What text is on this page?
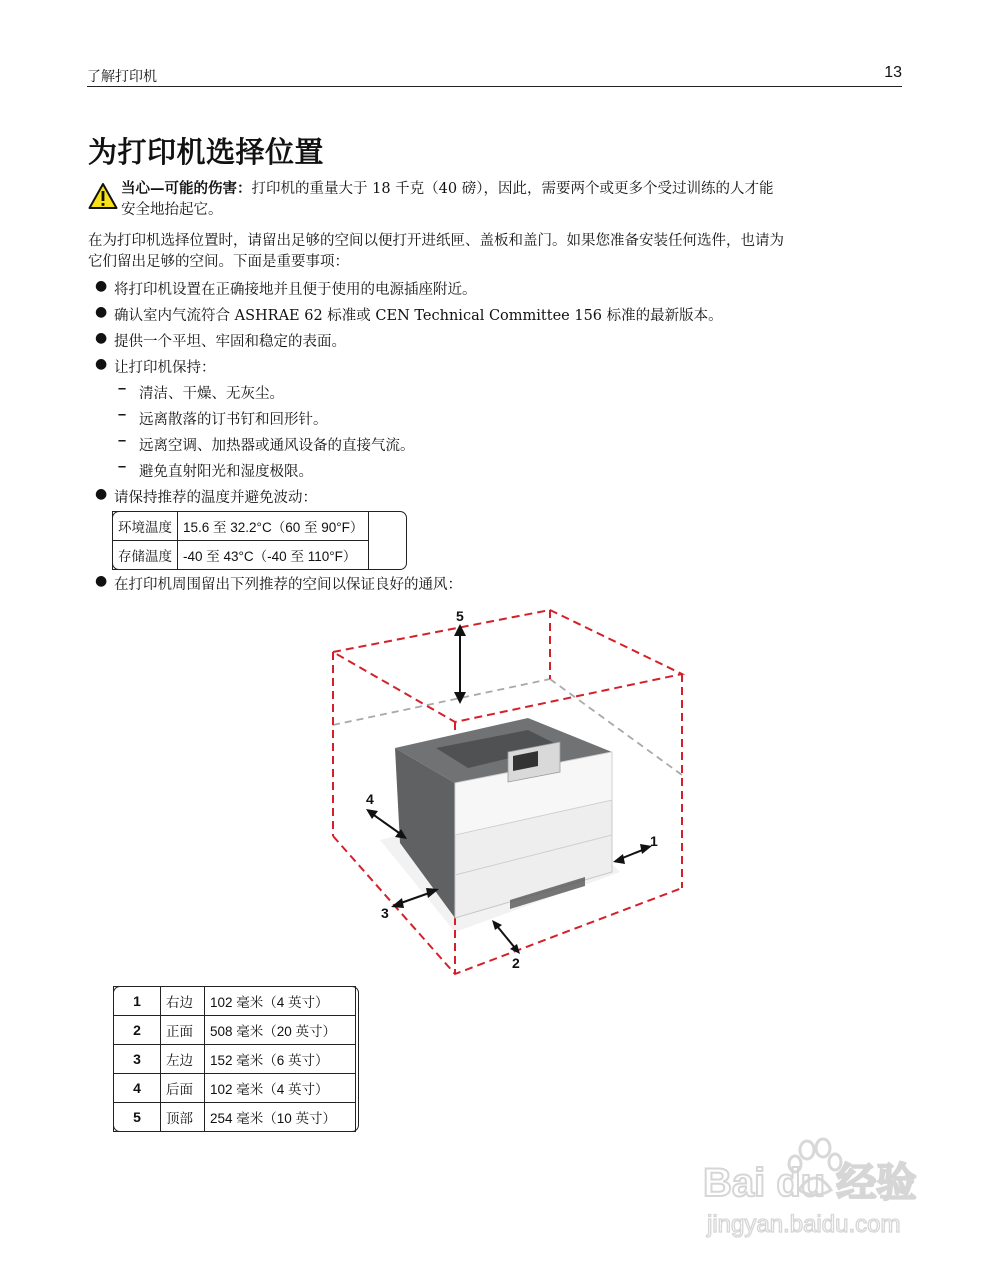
了解打印机	13
为打印机选择位置
当心—可能的伤害：打印机的重量大于 18 千克（40 磅），因此，需要两个或更多个受过训练的人才能
安全地抬起它。
在为打印机选择位置时，请留出足够的空间以便打开进纸匣、盖板和盖门。如果您准备安装任何选件，也请为
它们留出足够的空间。下面是重要事项：
● 将打印机设置在正确接地并且便于使用的电源插座附近。
● 确认室内气流符合 ASHRAE 62 标准或 CEN Technical Committee 156 标准的最新版本。
● 提供一个平坦、牢固和稳定的表面。
● 让打印机保持：
– 清洁、干燥、无灰尘。
– 远离散落的订书钉和回形针。
– 远离空调、加热器或通风设备的直接气流。
– 避免直射阳光和湿度极限。
● 请保持推荐的温度并避免波动：
环境温度	15.6 至 32.2°C（60 至 90°F）
存储温度	-40 至 43°C（-40 至 110°F）
● 在打印机周围留出下列推荐的空间以保证良好的通风：
5
4
3
2
1
1	右边	102 毫米（4 英寸）
2	正面	508 毫米（20 英寸）
3	左边	152 毫米（6 英寸）
4	后面	102 毫米（4 英寸）
5	顶部	254 毫米（10 英寸）
Bai du 经验
jingyan.baidu.com
